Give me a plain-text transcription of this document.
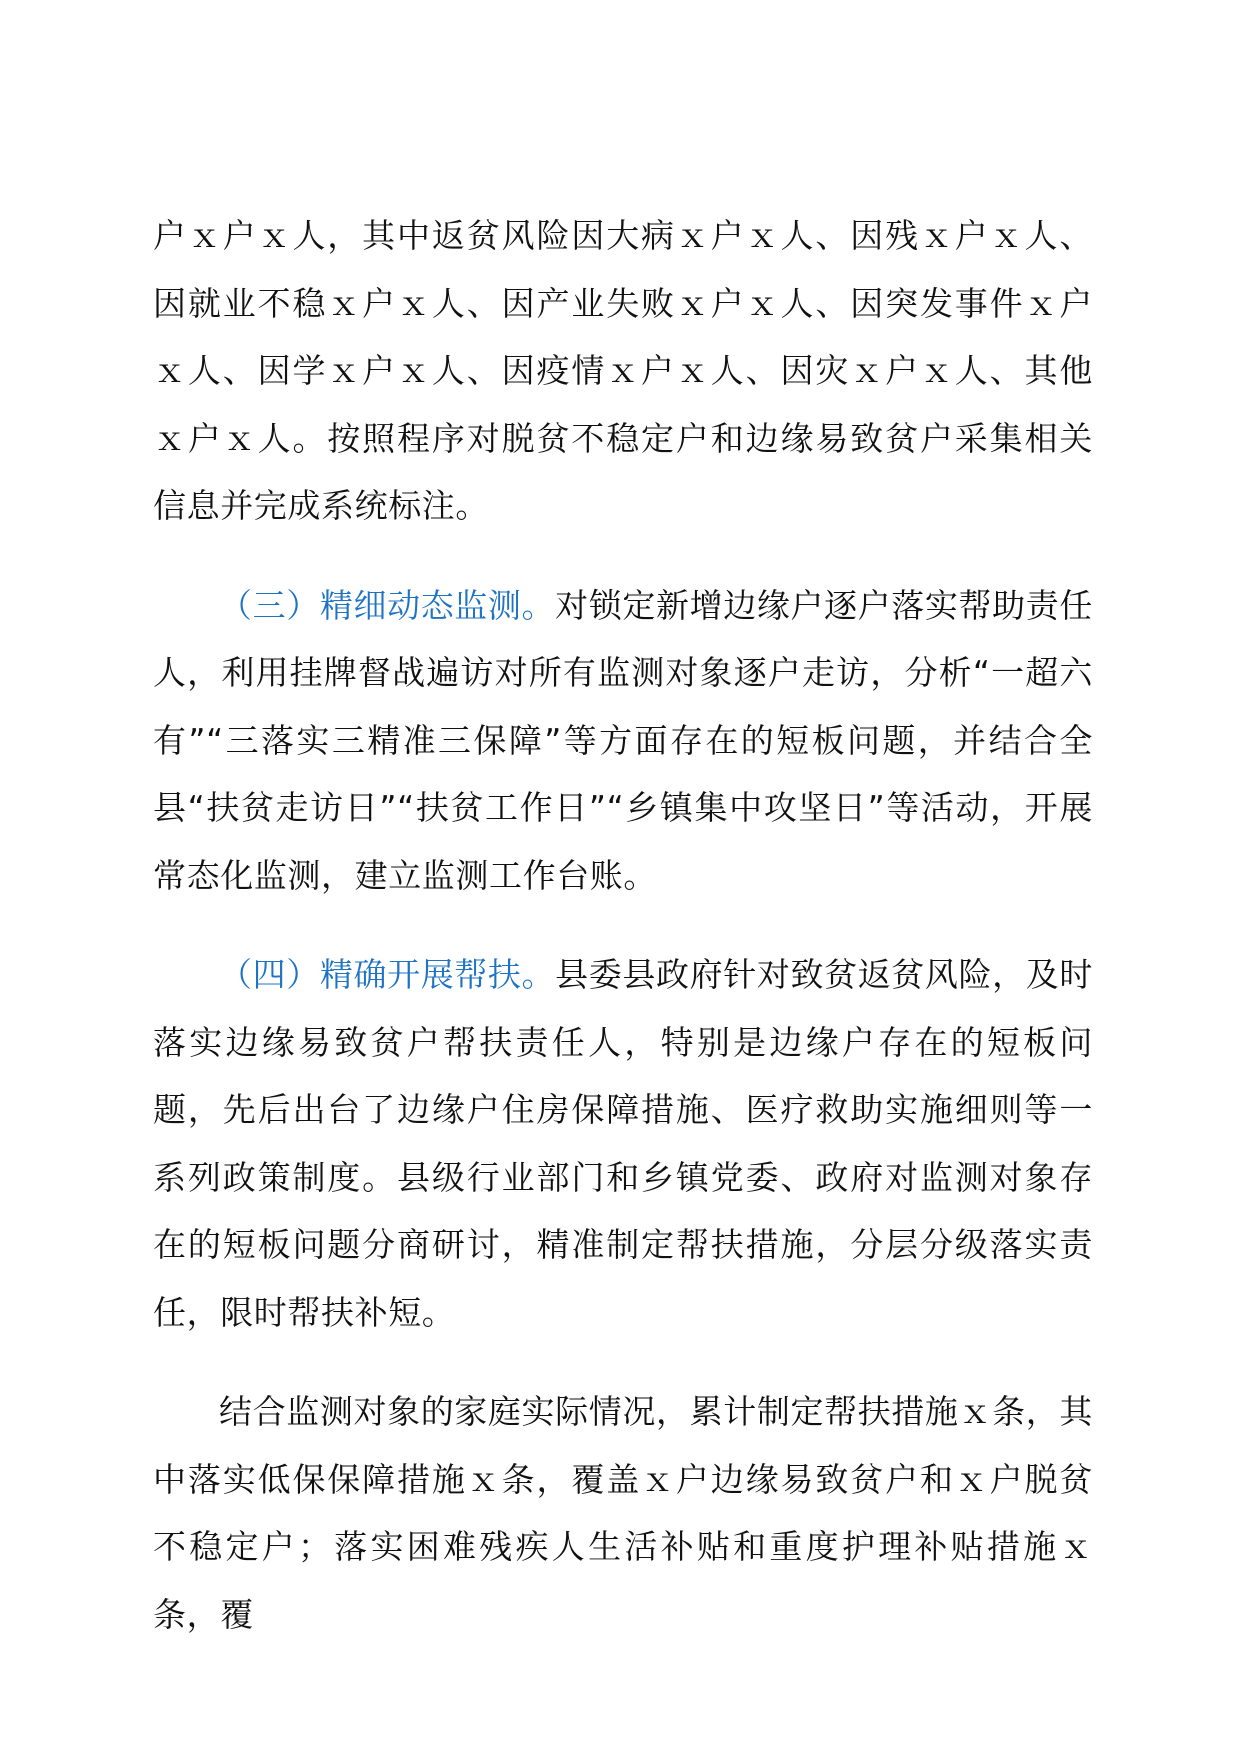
户ｘ户ｘ人，其中返贫风险因大病ｘ户ｘ人、因残ｘ户ｘ人、因就业不稳ｘ户ｘ人、因产业失败ｘ户ｘ人、因突发事件ｘ户ｘ人、因学ｘ户ｘ人、因疫情ｘ户ｘ人、因灾ｘ户ｘ人、其他ｘ户ｘ人。按照程序对脱贫不稳定户和边缘易致贫户采集相关信息并完成系统标注。

（三）精细动态监测。对锁定新增边缘户逐户落实帮助责任人，利用挂牌督战遍访对所有监测对象逐户走访，分析“一超六有”“三落实三精准三保障”等方面存在的短板问题，并结合全县“扶贫走访日”“扶贫工作日”“乡镇集中攻坚日”等活动，开展常态化监测，建立监测工作台账。

（四）精确开展帮扶。县委县政府针对致贫返贫风险，及时落实边缘易致贫户帮扶责任人，特别是边缘户存在的短板问题，先后出台了边缘户住房保障措施、医疗救助实施细则等一系列政策制度。县级行业部门和乡镇党委、政府对监测对象存在的短板问题分商研讨，精准制定帮扶措施，分层分级落实责任，限时帮扶补短。

结合监测对象的家庭实际情况，累计制定帮扶措施ｘ条，其中落实低保保障措施ｘ条，覆盖ｘ户边缘易致贫户和ｘ户脱贫不稳定户；落实困难残疾人生活补贴和重度护理补贴措施ｘ条，覆
